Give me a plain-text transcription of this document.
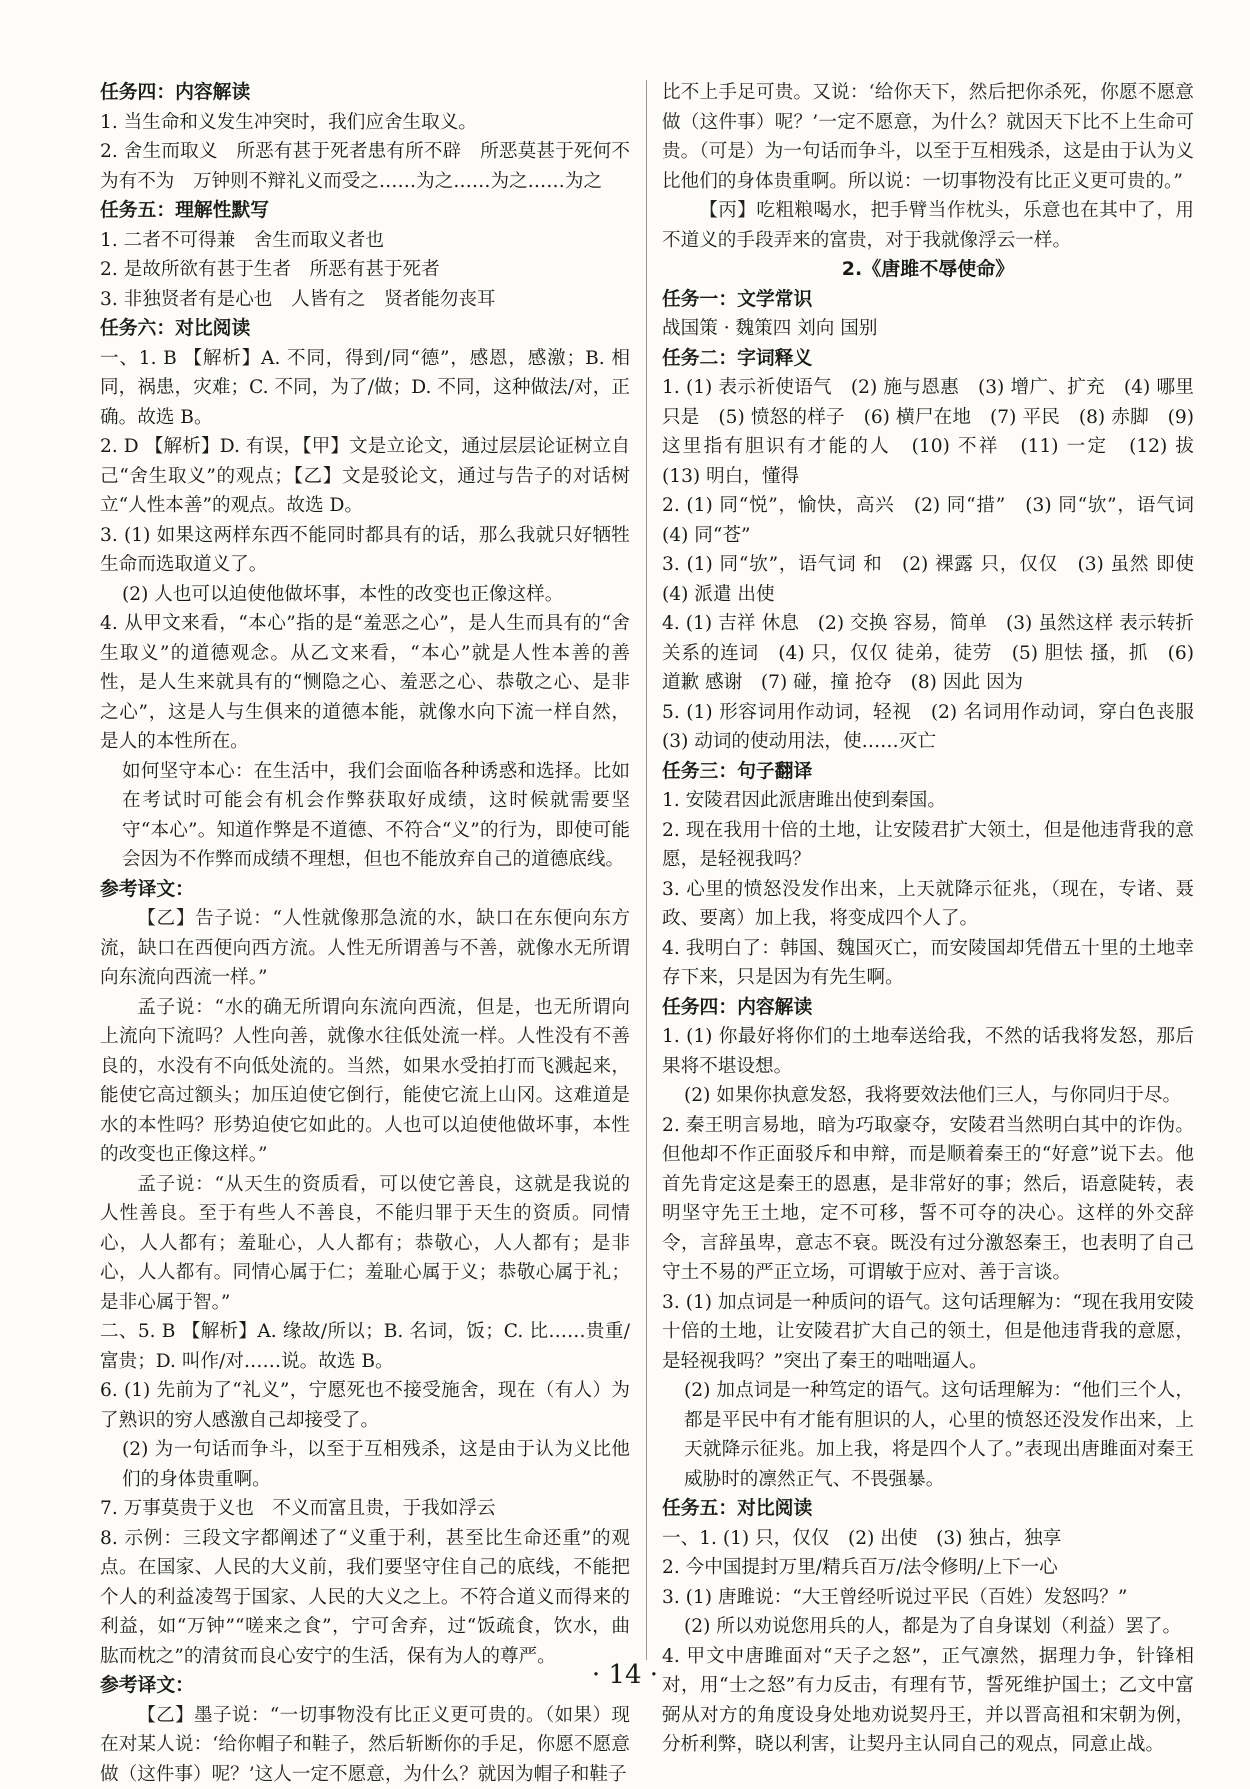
任务四：内容解读
1. 当生命和义发生冲突时，我们应舍生取义。
2. 舍生而取义　所恶有甚于死者患有所不辟　所恶莫甚于死何不为有不为　万钟则不辩礼义而受之……为之……为之……为之
任务五：理解性默写
1. 二者不可得兼　舍生而取义者也
2. 是故所欲有甚于生者　所恶有甚于死者
3. 非独贤者有是心也　人皆有之　贤者能勿丧耳
任务六：对比阅读
一、1. B 【解析】A. 不同，得到/同“德”，感恩，感激；B. 相同，祸患，灾难；C. 不同，为了/做；D. 不同，这种做法/对，正确。故选 B。
2. D 【解析】D. 有误，【甲】文是立论文，通过层层论证树立自己“舍生取义”的观点；【乙】文是驳论文，通过与告子的对话树立“人性本善”的观点。故选 D。
3. (1) 如果这两样东西不能同时都具有的话，那么我就只好牺牲生命而选取道义了。
(2) 人也可以迫使他做坏事，本性的改变也正像这样。
4. 从甲文来看，“本心”指的是“羞恶之心”，是人生而具有的“舍生取义”的道德观念。从乙文来看，“本心”就是人性本善的善性，是人生来就具有的“恻隐之心、羞恶之心、恭敬之心、是非之心”，这是人与生俱来的道德本能，就像水向下流一样自然，是人的本性所在。
如何坚守本心：在生活中，我们会面临各种诱惑和选择。比如在考试时可能会有机会作弊获取好成绩，这时候就需要坚守“本心”。知道作弊是不道德、不符合“义”的行为，即使可能会因为不作弊而成绩不理想，但也不能放弃自己的道德底线。
参考译文：
【乙】告子说：“人性就像那急流的水，缺口在东便向东方流，缺口在西便向西方流。人性无所谓善与不善，就像水无所谓向东流向西流一样。”
孟子说：“水的确无所谓向东流向西流，但是，也无所谓向上流向下流吗？人性向善，就像水往低处流一样。人性没有不善良的，水没有不向低处流的。当然，如果水受拍打而飞溅起来，能使它高过额头；加压迫使它倒行，能使它流上山冈。这难道是水的本性吗？形势迫使它如此的。人也可以迫使他做坏事，本性的改变也正像这样。”
孟子说：“从天生的资质看，可以使它善良，这就是我说的人性善良。至于有些人不善良，不能归罪于天生的资质。同情心，人人都有；羞耻心，人人都有；恭敬心，人人都有；是非心，人人都有。同情心属于仁；羞耻心属于义；恭敬心属于礼；是非心属于智。”
二、5. B 【解析】A. 缘故/所以；B. 名词，饭；C. 比……贵重/富贵；D. 叫作/对……说。故选 B。
6. (1) 先前为了“礼义”，宁愿死也不接受施舍，现在（有人）为了熟识的穷人感激自己却接受了。
(2) 为一句话而争斗，以至于互相残杀，这是由于认为义比他们的身体贵重啊。
7. 万事莫贵于义也　不义而富且贵，于我如浮云
8. 示例：三段文字都阐述了“义重于利，甚至比生命还重”的观点。在国家、人民的大义前，我们要坚守住自己的底线，不能把个人的利益凌驾于国家、人民的大义之上。不符合道义而得来的利益，如“万钟”“嗟来之食”，宁可舍弃，过“饭疏食，饮水，曲肱而枕之”的清贫而良心安宁的生活，保有为人的尊严。
参考译文：
【乙】墨子说：“一切事物没有比正义更可贵的。（如果）现在对某人说：‘给你帽子和鞋子，然后斩断你的手足，你愿不愿意做（这件事）呢？’这人一定不愿意，为什么？就因为帽子和鞋子
比不上手足可贵。又说：‘给你天下，然后把你杀死，你愿不愿意做（这件事）呢？’一定不愿意，为什么？就因天下比不上生命可贵。（可是）为一句话而争斗，以至于互相残杀，这是由于认为义比他们的身体贵重啊。所以说：一切事物没有比正义更可贵的。”
【丙】吃粗粮喝水，把手臂当作枕头，乐意也在其中了，用不道义的手段弄来的富贵，对于我就像浮云一样。
2.《唐雎不辱使命》
任务一：文学常识
战国策 · 魏策四 刘向 国别
任务二：字词释义
1. (1) 表示祈使语气　(2) 施与恩惠　(3) 增广、扩充　(4) 哪里只是　(5) 愤怒的样子　(6) 横尸在地　(7) 平民　(8) 赤脚　(9) 这里指有胆识有才能的人　(10) 不祥　(11) 一定　(12) 拔　(13) 明白，懂得
2. (1) 同“悦”，愉快，高兴　(2) 同“措”　(3) 同“欤”，语气词　(4) 同“苍”
3. (1) 同“欤”，语气词 和　(2) 裸露 只，仅仅　(3) 虽然 即使　(4) 派遣 出使
4. (1) 吉祥 休息　(2) 交换 容易，简单　(3) 虽然这样 表示转折关系的连词　(4) 只，仅仅 徒弟，徒劳　(5) 胆怯 搔，抓　(6) 道歉 感谢　(7) 碰，撞 抢夺　(8) 因此 因为
5. (1) 形容词用作动词，轻视　(2) 名词用作动词，穿白色丧服　(3) 动词的使动用法，使……灭亡
任务三：句子翻译
1. 安陵君因此派唐雎出使到秦国。
2. 现在我用十倍的土地，让安陵君扩大领土，但是他违背我的意愿，是轻视我吗？
3. 心里的愤怒没发作出来，上天就降示征兆，（现在，专诸、聂政、要离）加上我，将变成四个人了。
4. 我明白了：韩国、魏国灭亡，而安陵国却凭借五十里的土地幸存下来，只是因为有先生啊。
任务四：内容解读
1. (1) 你最好将你们的土地奉送给我，不然的话我将发怒，那后果将不堪设想。
(2) 如果你执意发怒，我将要效法他们三人，与你同归于尽。
2. 秦王明言易地，暗为巧取豪夺，安陵君当然明白其中的诈伪。但他却不作正面驳斥和申辩，而是顺着秦王的“好意”说下去。他首先肯定这是秦王的恩惠，是非常好的事；然后，语意陡转，表明坚守先王土地，定不可移，誓不可夺的决心。这样的外交辞令，言辞虽卑，意志不衰。既没有过分激怒秦王，也表明了自己守土不易的严正立场，可谓敏于应对、善于言谈。
3. (1) 加点词是一种质问的语气。这句话理解为：“现在我用安陵十倍的土地，让安陵君扩大自己的领土，但是他违背我的意愿，是轻视我吗？”突出了秦王的咄咄逼人。
(2) 加点词是一种笃定的语气。这句话理解为：“他们三个人，都是平民中有才能有胆识的人，心里的愤怒还没发作出来，上天就降示征兆。加上我，将是四个人了。”表现出唐雎面对秦王威胁时的凛然正气、不畏强暴。
任务五：对比阅读
一、1. (1) 只，仅仅　(2) 出使　(3) 独占，独享
2. 今中国提封万里/精兵百万/法令修明/上下一心
3. (1) 唐雎说：“大王曾经听说过平民（百姓）发怒吗？”
(2) 所以劝说您用兵的人，都是为了自身谋划（利益）罢了。
4. 甲文中唐雎面对“天子之怒”，正气凛然，据理力争，针锋相对，用“士之怒”有力反击，有理有节，誓死维护国土；乙文中富弼从对方的角度设身处地劝说契丹王，并以晋高祖和宋朝为例，分析利弊，晓以利害，让契丹主认同自己的观点，同意止战。
· 14 ·
